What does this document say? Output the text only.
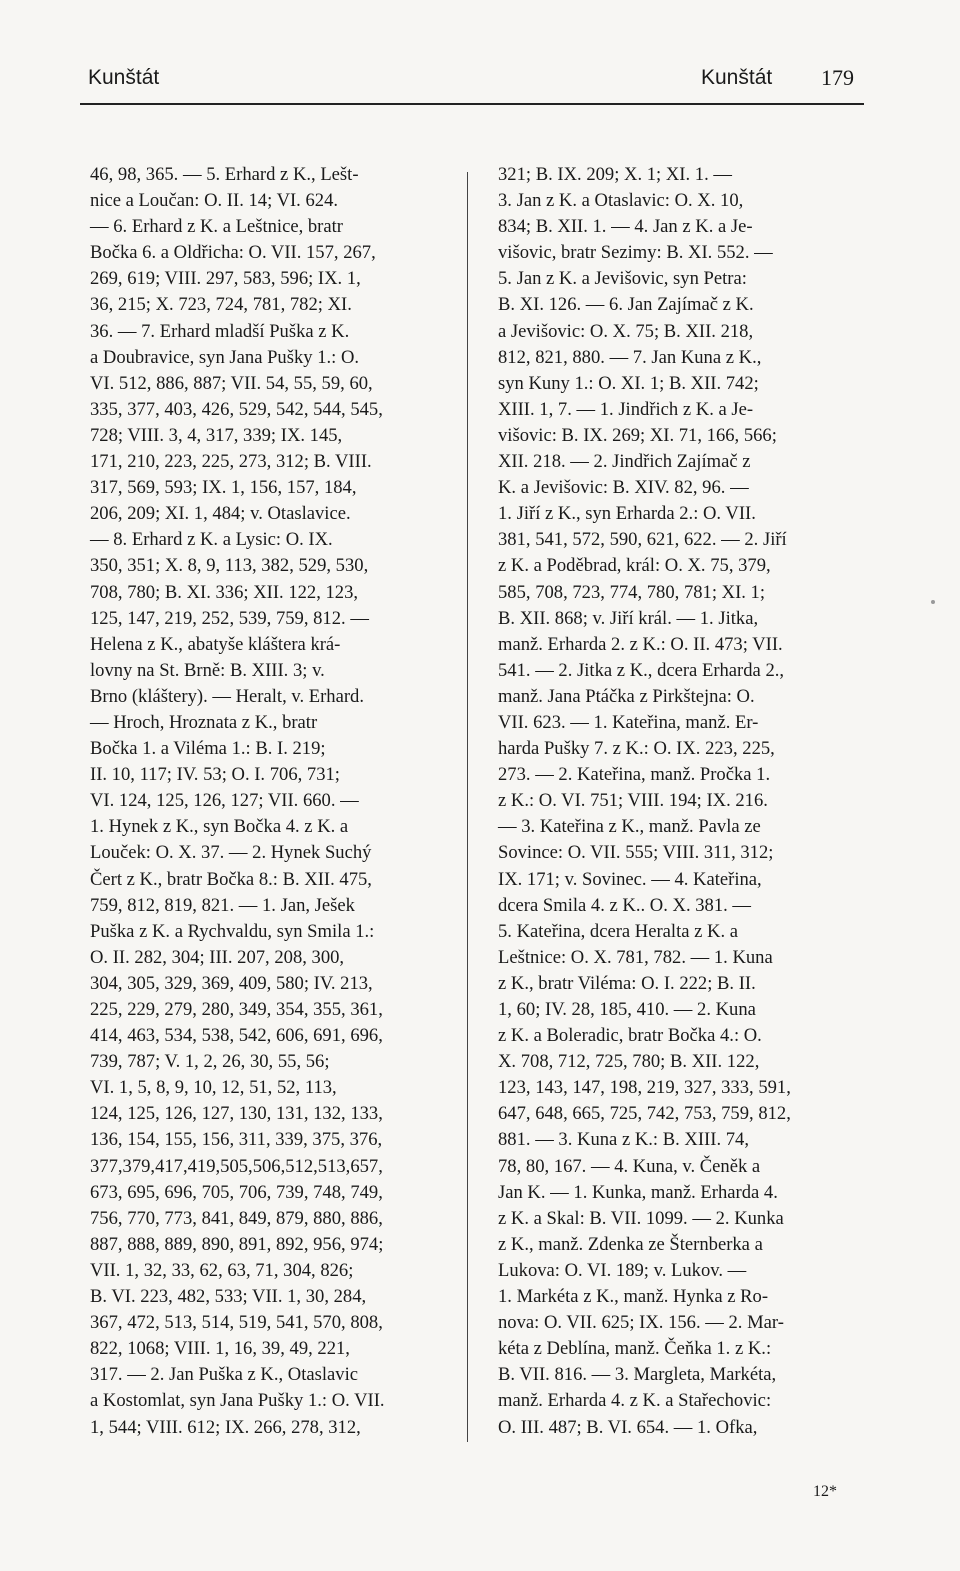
Kunštát	Kunštát 179
46, 98, 365. — 5. Erhard z K., Lešt-
nice a Loučan: O. II. 14; VI. 624.
— 6. Erhard z K. a Leštnice, bratr
Bočka 6. a Oldřicha: O. VII. 157, 267,
269, 619; VIII. 297, 583, 596; IX. 1,
36, 215; X. 723, 724, 781, 782; XI.
36. — 7. Erhard mladší Puška z K.
a Doubravice, syn Jana Pušky 1.: O.
VI. 512, 886, 887; VII. 54, 55, 59, 60,
335, 377, 403, 426, 529, 542, 544, 545,
728; VIII. 3, 4, 317, 339; IX. 145,
171, 210, 223, 225, 273, 312; B. VIII.
317, 569, 593; IX. 1, 156, 157, 184,
206, 209; XI. 1, 484; v. Otaslavice.
— 8. Erhard z K. a Lysic: O. IX.
350, 351; X. 8, 9, 113, 382, 529, 530,
708, 780; B. XI. 336; XII. 122, 123,
125, 147, 219, 252, 539, 759, 812. —
Helena z K., abatyše kláštera krá-
lovny na St. Brně: B. XIII. 3; v.
Brno (kláštery). — Heralt, v. Erhard.
— Hroch, Hroznata z K., bratr
Bočka 1. a Viléma 1.: B. I. 219;
II. 10, 117; IV. 53; O. I. 706, 731;
VI. 124, 125, 126, 127; VII. 660. —
1. Hynek z K., syn Bočka 4. z K. a
Louček: O. X. 37. — 2. Hynek Suchý
Čert z K., bratr Bočka 8.: B. XII. 475,
759, 812, 819, 821. — 1. Jan, Ješek
Puška z K. a Rychvaldu, syn Smila 1.:
O. II. 282, 304; III. 207, 208, 300,
304, 305, 329, 369, 409, 580; IV. 213,
225, 229, 279, 280, 349, 354, 355, 361,
414, 463, 534, 538, 542, 606, 691, 696,
739, 787; V. 1, 2, 26, 30, 55, 56;
VI. 1, 5, 8, 9, 10, 12, 51, 52, 113,
124, 125, 126, 127, 130, 131, 132, 133,
136, 154, 155, 156, 311, 339, 375, 376,
377,379,417,419,505,506,512,513,657,
673, 695, 696, 705, 706, 739, 748, 749,
756, 770, 773, 841, 849, 879, 880, 886,
887, 888, 889, 890, 891, 892, 956, 974;
VII. 1, 32, 33, 62, 63, 71, 304, 826;
B. VI. 223, 482, 533; VII. 1, 30, 284,
367, 472, 513, 514, 519, 541, 570, 808,
822, 1068; VIII. 1, 16, 39, 49, 221,
317. — 2. Jan Puška z K., Otaslavic
a Kostomlat, syn Jana Pušky 1.: O. VII.
1, 544; VIII. 612; IX. 266, 278, 312,
321; B. IX. 209; X. 1; XI. 1. —
3. Jan z K. a Otaslavic: O. X. 10,
834; B. XII. 1. — 4. Jan z K. a Je-
višovic, bratr Sezimy: B. XI. 552. —
5. Jan z K. a Jevišovic, syn Petra:
B. XI. 126. — 6. Jan Zajímač z K.
a Jevišovic: O. X. 75; B. XII. 218,
812, 821, 880. — 7. Jan Kuna z K.,
syn Kuny 1.: O. XI. 1; B. XII. 742;
XIII. 1, 7. — 1. Jindřich z K. a Je-
višovic: B. IX. 269; XI. 71, 166, 566;
XII. 218. — 2. Jindřich Zajímač z
K. a Jevišovic: B. XIV. 82, 96. —
1. Jiří z K., syn Erharda 2.: O. VII.
381, 541, 572, 590, 621, 622. — 2. Jiří
z K. a Poděbrad, král: O. X. 75, 379,
585, 708, 723, 774, 780, 781; XI. 1;
B. XII. 868; v. Jiří král. — 1. Jitka,
manž. Erharda 2. z K.: O. II. 473; VII.
541. — 2. Jitka z K., dcera Erharda 2.,
manž. Jana Ptáčka z Pirkštejna: O.
VII. 623. — 1. Kateřina, manž. Er-
harda Pušky 7. z K.: O. IX. 223, 225,
273. — 2. Kateřina, manž. Pročka 1.
z K.: O. VI. 751; VIII. 194; IX. 216.
— 3. Kateřina z K., manž. Pavla ze
Sovince: O. VII. 555; VIII. 311, 312;
IX. 171; v. Sovinec. — 4. Kateřina,
dcera Smila 4. z K.. O. X. 381. —
5. Kateřina, dcera Heralta z K. a
Leštnice: O. X. 781, 782. — 1. Kuna
z K., bratr Viléma: O. I. 222; B. II.
1, 60; IV. 28, 185, 410. — 2. Kuna
z K. a Boleradic, bratr Bočka 4.: O.
X. 708, 712, 725, 780; B. XII. 122,
123, 143, 147, 198, 219, 327, 333, 591,
647, 648, 665, 725, 742, 753, 759, 812,
881. — 3. Kuna z K.: B. XIII. 74,
78, 80, 167. — 4. Kuna, v. Čeněk a
Jan K. — 1. Kunka, manž. Erharda 4.
z K. a Skal: B. VII. 1099. — 2. Kunka
z K., manž. Zdenka ze Šternberka a
Lukova: O. VI. 189; v. Lukov. —
1. Markéta z K., manž. Hynka z Ro-
nova: O. VII. 625; IX. 156. — 2. Mar-
kéta z Deblína, manž. Čeňka 1. z K.:
B. VII. 816. — 3. Margleta, Markéta,
manž. Erharda 4. z K. a Stařechovic:
O. III. 487; B. VI. 654. — 1. Ofka,
12*
